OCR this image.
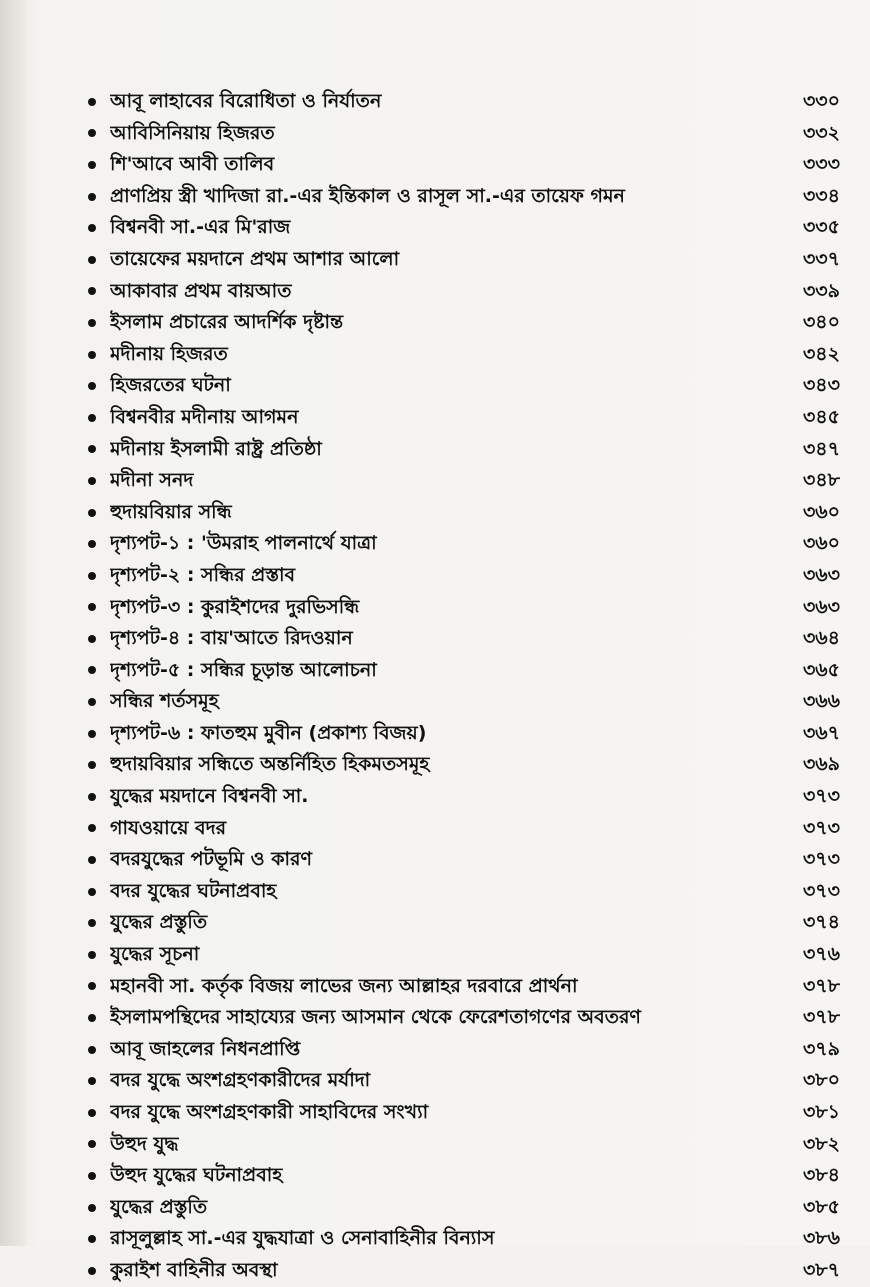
আবূ লাহাবের বিরোধিতা ও নির্যাতন	৩৩০
আবিসিনিয়ায় হিজরত	৩৩২
শি'আবে আবী তালিব	৩৩৩
প্রাণপ্রিয় স্ত্রী খাদিজা রা.-এর ইন্তিকাল ও রাসূল সা.-এর তায়েফ গমন	৩৩৪
বিশ্বনবী সা.-এর মি'রাজ	৩৩৫
তায়েফের ময়দানে প্রথম আশার আলো	৩৩৭
আকাবার প্রথম বায়আত	৩৩৯
ইসলাম প্রচারের আদর্শিক দৃষ্টান্ত	৩৪০
মদীনায় হিজরত	৩৪২
হিজরতের ঘটনা	৩৪৩
বিশ্বনবীর মদীনায় আগমন	৩৪৫
মদীনায় ইসলামী রাষ্ট্র প্রতিষ্ঠা	৩৪৭
মদীনা সনদ	৩৪৮
হুদায়বিয়ার সন্ধি	৩৬০
দৃশ্যপট-১ : 'উমরাহ পালনার্থে যাত্রা	৩৬০
দৃশ্যপট-২ : সন্ধির প্রস্তাব	৩৬৩
দৃশ্যপট-৩ : কুরাইশদের দুরভিসন্ধি	৩৬৩
দৃশ্যপট-৪ : বায়'আতে রিদওয়ান	৩৬৪
দৃশ্যপট-৫ : সন্ধির চূড়ান্ত আলোচনা	৩৬৫
সন্ধির শর্তসমূহ	৩৬৬
দৃশ্যপট-৬ : ফাতহুম মুবীন (প্রকাশ্য বিজয়)	৩৬৭
হুদায়বিয়ার সন্ধিতে অন্তর্নিহিত হিকমতসমূহ	৩৬৯
যুদ্ধের ময়দানে বিশ্বনবী সা.	৩৭৩
গাযওয়ায়ে বদর	৩৭৩
বদরযুদ্ধের পটভূমি ও কারণ	৩৭৩
বদর যুদ্ধের ঘটনাপ্রবাহ	৩৭৩
যুদ্ধের প্রস্তুতি	৩৭৪
যুদ্ধের সূচনা	৩৭৬
মহানবী সা. কর্তৃক বিজয় লাভের জন্য আল্লাহর দরবারে প্রার্থনা	৩৭৮
ইসলামপন্থিদের সাহায্যের জন্য আসমান থেকে ফেরেশতাগণের অবতরণ	৩৭৮
আবূ জাহলের নিধনপ্রাপ্তি	৩৭৯
বদর যুদ্ধে অংশগ্রহণকারীদের মর্যাদা	৩৮০
বদর যুদ্ধে অংশগ্রহণকারী সাহাবিদের সংখ্যা	৩৮১
উহুদ যুদ্ধ	৩৮২
উহুদ যুদ্ধের ঘটনাপ্রবাহ	৩৮৪
যুদ্ধের প্রস্তুতি	৩৮৫
রাসূলুল্লাহ সা.-এর যুদ্ধযাত্রা ও সেনাবাহিনীর বিন্যাস	৩৮৬
কুরাইশ বাহিনীর অবস্থা	৩৮৭
